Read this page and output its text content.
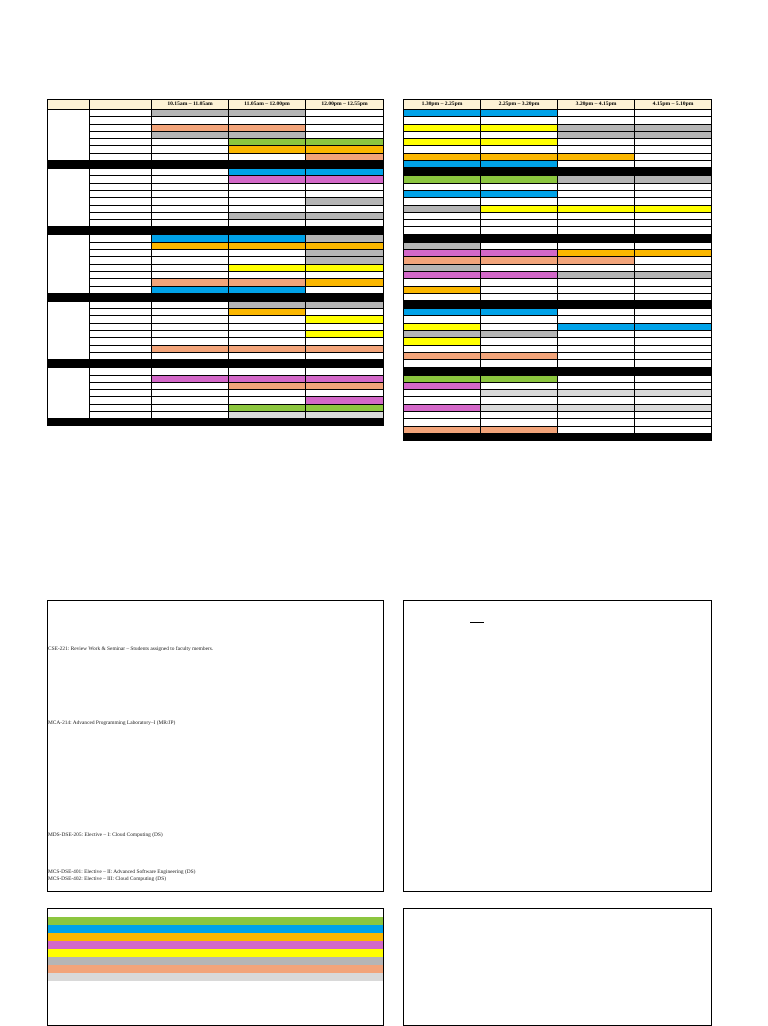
		10.15am – 11.05am	11.05am – 12.00pm	12.00pm – 12.55pm

					1.30pm – 2.25pm	2.25pm – 3.20pm	3.20pm – 4.15pm	4.15pm – 5.10pm

CSE-221: Review Work & Seminar – Students assigned to faculty members.
MCA-214: Advanced Programming Laboratory–I (MR/JP)
MDS-DSE-205: Elective – I: Cloud Computing (DS)
MCS-DSE-401: Elective – II: Advanced Software Engineering (DS)
MCS-DSE-402: Elective – III: Cloud Computing (DS)
